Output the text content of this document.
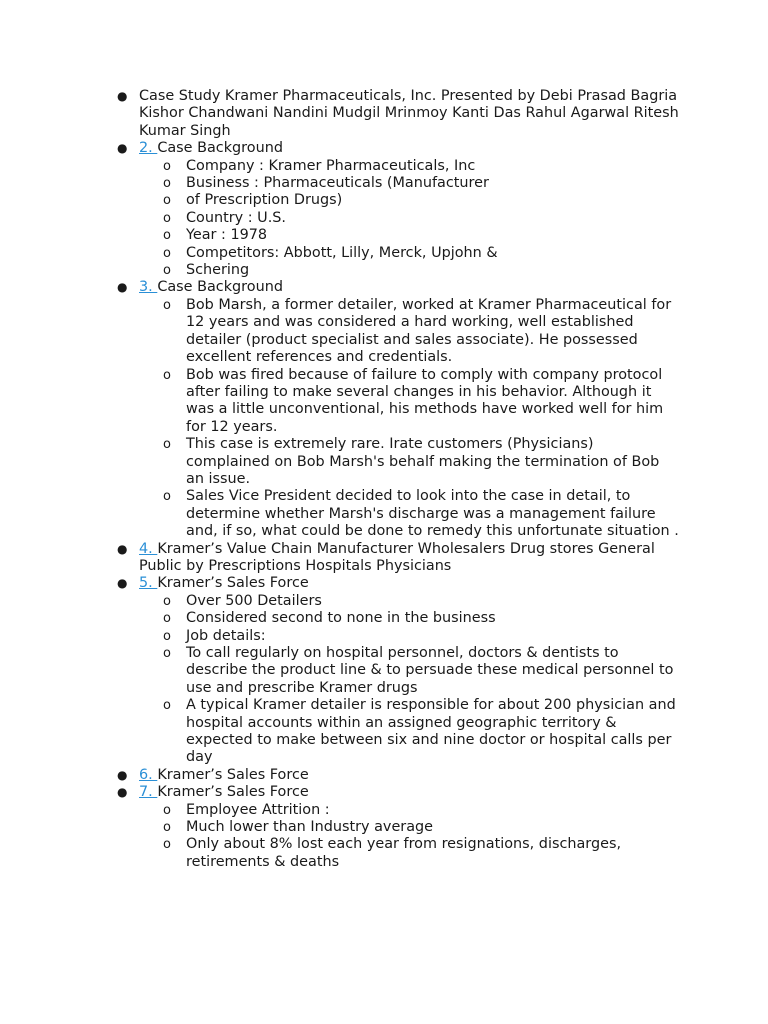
● Case Study Kramer Pharmaceuticals, Inc. Presented by Debi Prasad Bagria Kishor Chandwani Nandini Mudgil Mrinmoy Kanti Das Rahul Agarwal Ritesh Kumar Singh
● 2. Case Background
o Company : Kramer Pharmaceuticals, Inc
o Business : Pharmaceuticals (Manufacturer
o of Prescription Drugs)
o Country : U.S.
o Year : 1978
o Competitors: Abbott, Lilly, Merck, Upjohn &
o Schering
● 3. Case Background
o Bob Marsh, a former detailer, worked at Kramer Pharmaceutical for 12 years and was considered a hard working, well established detailer (product specialist and sales associate). He possessed excellent references and credentials.
o Bob was fired because of failure to comply with company protocol after failing to make several changes in his behavior. Although it was a little unconventional, his methods have worked well for him for 12 years.
o This case is extremely rare. Irate customers (Physicians) complained on Bob Marsh's behalf making the termination of Bob an issue.
o Sales Vice President decided to look into the case in detail, to determine whether Marsh's discharge was a management failure and, if so, what could be done to remedy this unfortunate situation .
● 4. Kramer’s Value Chain Manufacturer Wholesalers Drug stores General Public by Prescriptions Hospitals Physicians
● 5. Kramer’s Sales Force
o Over 500 Detailers
o Considered second to none in the business
o Job details:
o To call regularly on hospital personnel, doctors & dentists to describe the product line & to persuade these medical personnel to use and prescribe Kramer drugs
o A typical Kramer detailer is responsible for about 200 physician and hospital accounts within an assigned geographic territory & expected to make between six and nine doctor or hospital calls per day
● 6. Kramer’s Sales Force
● 7. Kramer’s Sales Force
o Employee Attrition :
o Much lower than Industry average
o Only about 8% lost each year from resignations, discharges, retirements & deaths
